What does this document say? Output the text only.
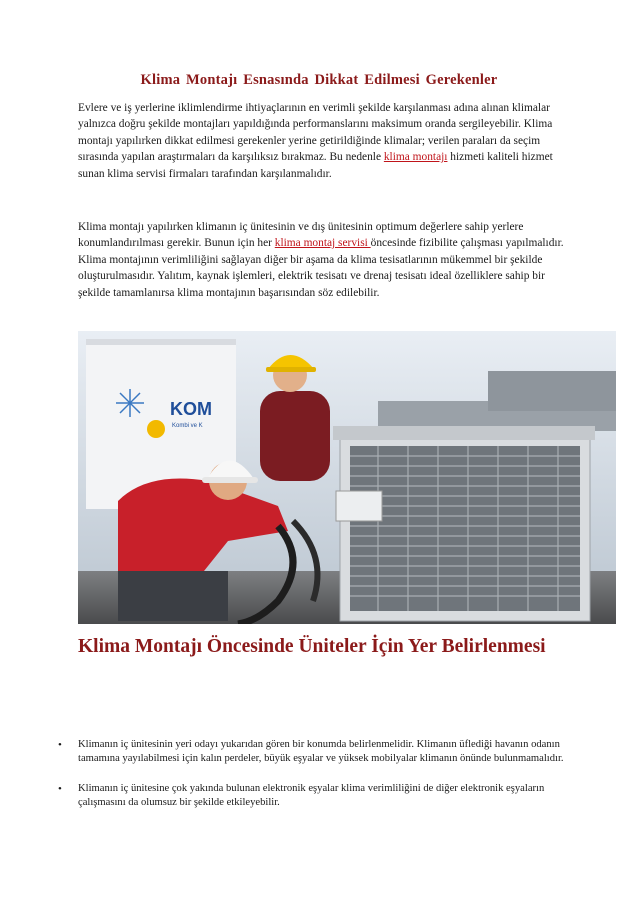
Klima Montajı Esnasında Dikkat Edilmesi Gerekenler

Evlere ve iş yerlerine iklimlendirme ihtiyaçlarının en verimli şekilde karşılanması adına alınan klimalar yalnızca doğru şekilde montajları yapıldığında performanslarını maksimum oranda sergileyebilir. Klima montajı yapılırken dikkat edilmesi gerekenler yerine getirildiğinde klimalar; verilen paraları da seçim sırasında yapılan araştırmaları da karşılıksız bırakmaz. Bu nedenle klima montajı hizmeti kaliteli hizmet sunan klima servisi firmaları tarafından karşılanmalıdır.

Klima montajı yapılırken klimanın iç ünitesinin ve dış ünitesinin optimum değerlere sahip yerlere konumlandırılması gerekir. Bunun için her klima montaj servisi öncesinde fizibilite çalışması yapılmalıdır. Klima montajının verimliliğini sağlayan diğer bir aşama da klima tesisatlarının mükemmel bir şekilde oluşturulmasıdır. Yalıtım, kaynak işlemleri, elektrik tesisatı ve drenaj tesisatı ideal özelliklere sahip bir şekilde tamamlanırsa klima montajının başarısından söz edilebilir.

KOM
Kombi ve K
Klima Montajı Öncesinde Üniteler İçin Yer Belirlenmesi
• Klimanın iç ünitesinin yeri odayı yukarıdan gören bir konumda belirlenmelidir. Klimanın üflediği havanın odanın tamamına yayılabilmesi için kalın perdeler, büyük eşyalar ve yüksek mobilyalar klimanın önünde bulunmamalıdır.
• Klimanın iç ünitesine çok yakında bulunan elektronik eşyalar klima verimliliğini de diğer elektronik eşyaların çalışmasını da olumsuz bir şekilde etkileyebilir.
